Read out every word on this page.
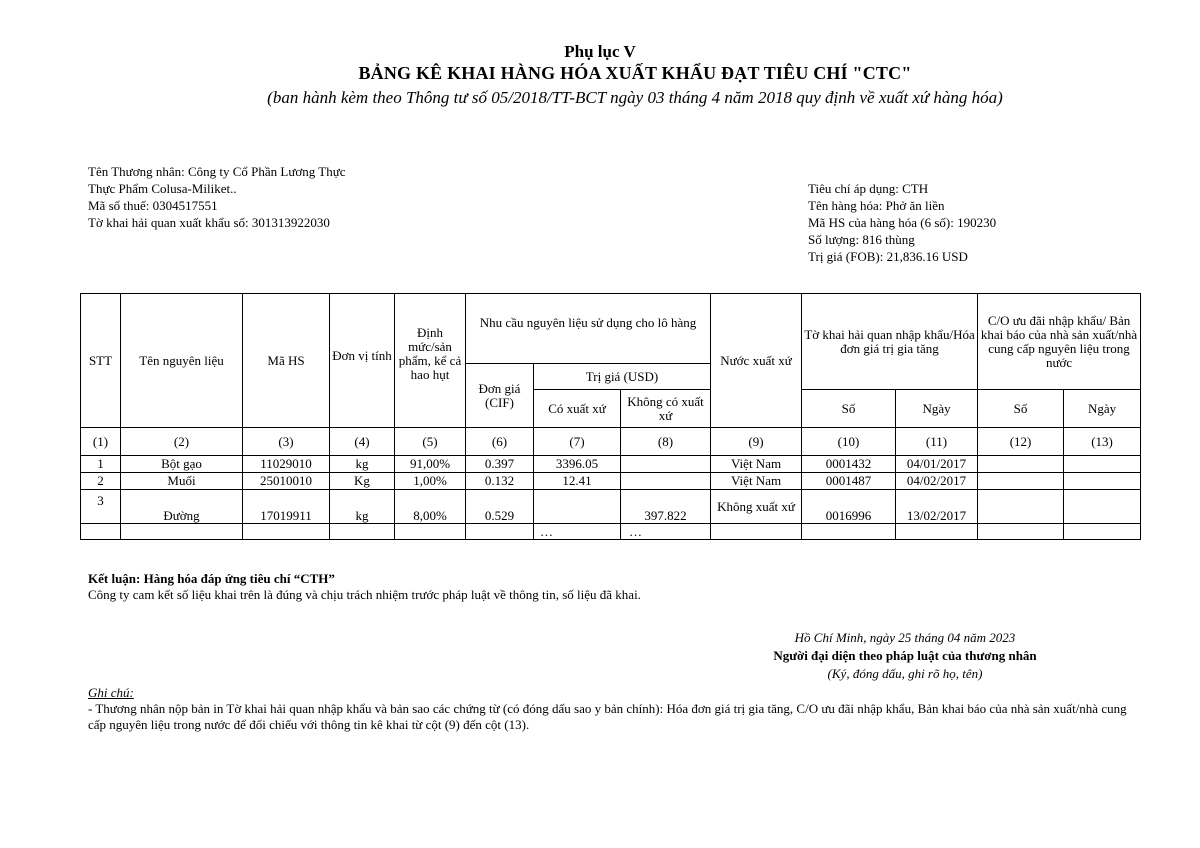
Phụ lục V
BẢNG KÊ KHAI HÀNG HÓA XUẤT KHẨU ĐẠT TIÊU CHÍ "CTC"
(ban hành kèm theo Thông tư số 05/2018/TT-BCT ngày 03 tháng 4 năm 2018 quy định về xuất xứ hàng hóa)
Tên Thương nhân: Công ty Cổ Phần Lương Thực
Thực Phẩm Colusa-Miliket..
Mã số thuế: 0304517551
Tờ khai hải quan xuất khẩu số: 301313922030
Tiêu chí áp dụng: CTH
Tên hàng hóa: Phở ăn liền
Mã HS của hàng hóa (6 số): 190230
Số lượng: 816 thùng
Trị giá (FOB): 21,836.16 USD
STT	Tên nguyên liệu	Mã HS	Đơn vị tính	Định mức/sản phẩm, kể cả hao hụt	Nhu cầu nguyên liệu sử dụng cho lô hàng			Nước xuất xứ	Tờ khai hải quan nhập khẩu/Hóa đơn giá trị gia tăng		C/O ưu đãi nhập khẩu/ Bản khai báo của nhà sản xuất/nhà cung cấp nguyên liệu trong nước	
					Đơn giá (CIF)	Trị giá (USD)						
						Có xuất xứ	Không có xuất xứ		Số	Ngày	Số	Ngày
(1)	(2)	(3)	(4)	(5)	(6)	(7)	(8)	(9)	(10)	(11)	(12)	(13)
1	Bột gạo	11029010	kg	91,00%	0.397	3396.05		Việt Nam	0001432	04/01/2017		
2	Muối	25010010	Kg	1,00%	0.132	12.41		Việt Nam	0001487	04/02/2017		
3	Đường	17019911	kg	8,00%	0.529		397.822	Không xuất xứ	0016996	13/02/2017		
						…	…					
Kết luận: Hàng hóa đáp ứng tiêu chí “CTH”
Công ty cam kết số liệu khai trên là đúng và chịu trách nhiệm trước pháp luật về thông tin, số liệu đã khai.
Hồ Chí Minh, ngày 25 tháng 04 năm 2023
Người đại diện theo pháp luật của thương nhân
(Ký, đóng dấu, ghi rõ họ, tên)
Ghi chú:
- Thương nhân nộp bản in Tờ khai hải quan nhập khẩu và bản sao các chứng từ (có đóng dấu sao y bản chính): Hóa đơn giá trị gia tăng, C/O ưu đãi nhập khẩu, Bản khai báo của nhà sản xuất/nhà cung cấp nguyên liệu trong nước để đối chiếu với thông tin kê khai từ cột (9) đến cột (13).
